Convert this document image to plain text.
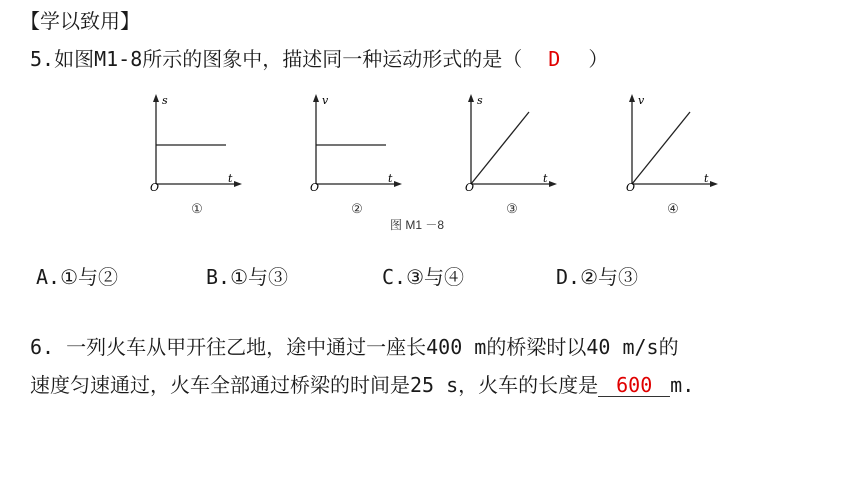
【学以致用】
5.如图M1-8所示的图象中，描述同一种运动形式的是（ D ）
s
t
O
①
v
t
O
②
s
t
O
③
v
t
O
④
图 M1 －8
A.①与②	B.①与③	C.③与④	D.②与③
6. 一列火车从甲开往乙地，途中通过一座长400 m的桥梁时以40 m/s的
速度匀速通过，火车全部通过桥梁的时间是25 s，火车的长度是 600 m.
